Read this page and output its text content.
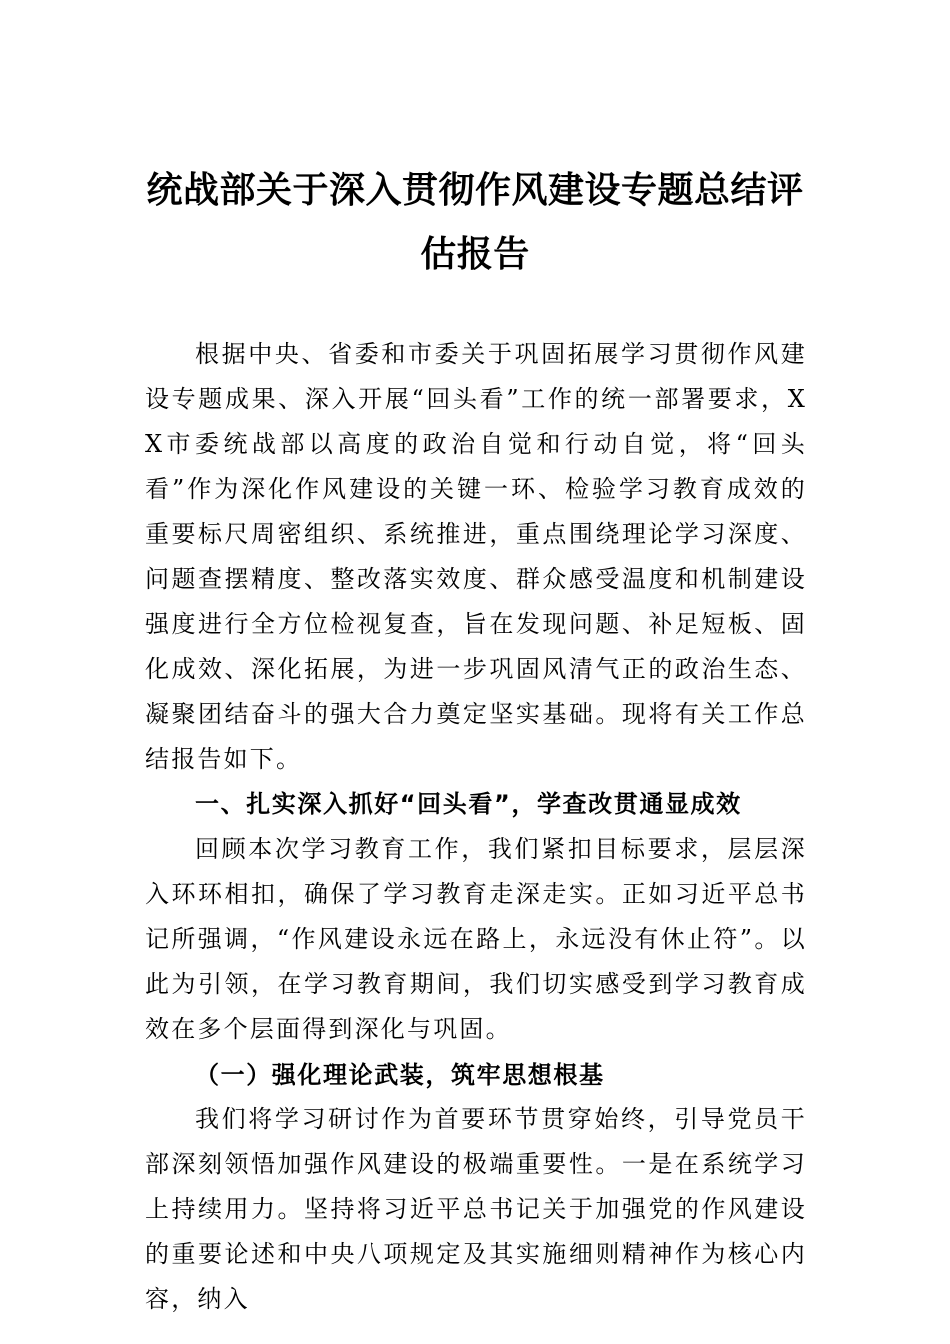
统战部关于深入贯彻作风建设专题总结评估报告

根据中央、省委和市委关于巩固拓展学习贯彻作风建设专题成果、深入开展“回头看”工作的统一部署要求，XX市委统战部以高度的政治自觉和行动自觉，将“回头看”作为深化作风建设的关键一环、检验学习教育成效的重要标尺周密组织、系统推进，重点围绕理论学习深度、问题查摆精度、整改落实效度、群众感受温度和机制建设强度进行全方位检视复查，旨在发现问题、补足短板、固化成效、深化拓展，为进一步巩固风清气正的政治生态、凝聚团结奋斗的强大合力奠定坚实基础。现将有关工作总结报告如下。

一、扎实深入抓好“回头看”，学查改贯通显成效

回顾本次学习教育工作，我们紧扣目标要求，层层深入环环相扣，确保了学习教育走深走实。正如习近平总书记所强调，“作风建设永远在路上，永远没有休止符”。以此为引领，在学习教育期间，我们切实感受到学习教育成效在多个层面得到深化与巩固。

（一）强化理论武装，筑牢思想根基

我们将学习研讨作为首要环节贯穿始终，引导党员干部深刻领悟加强作风建设的极端重要性。一是在系统学习上持续用力。坚持将习近平总书记关于加强党的作风建设的重要论述和中央八项规定及其实施细则精神作为核心内容，纳入
